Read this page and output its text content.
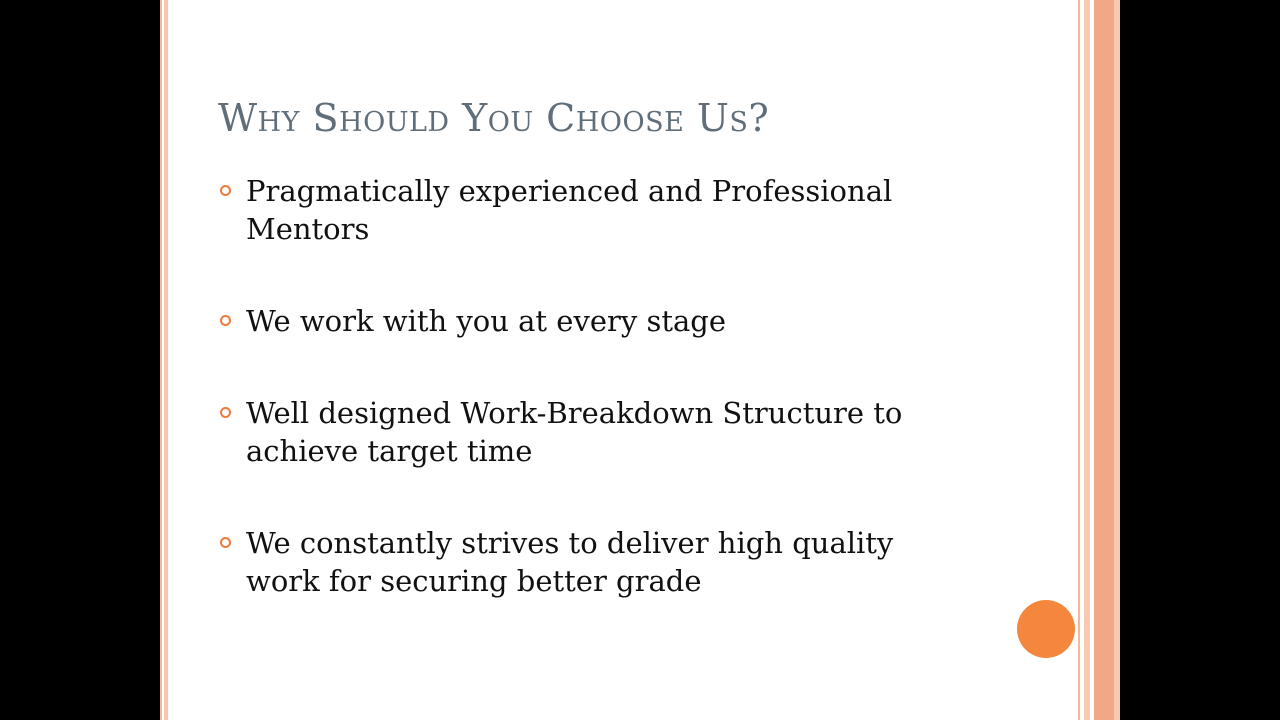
Why Should You Choose Us?
Pragmatically experienced and Professional Mentors
We work with you at every stage
Well designed Work-Breakdown Structure to achieve target time
We constantly strives to deliver high quality work for securing better grade
